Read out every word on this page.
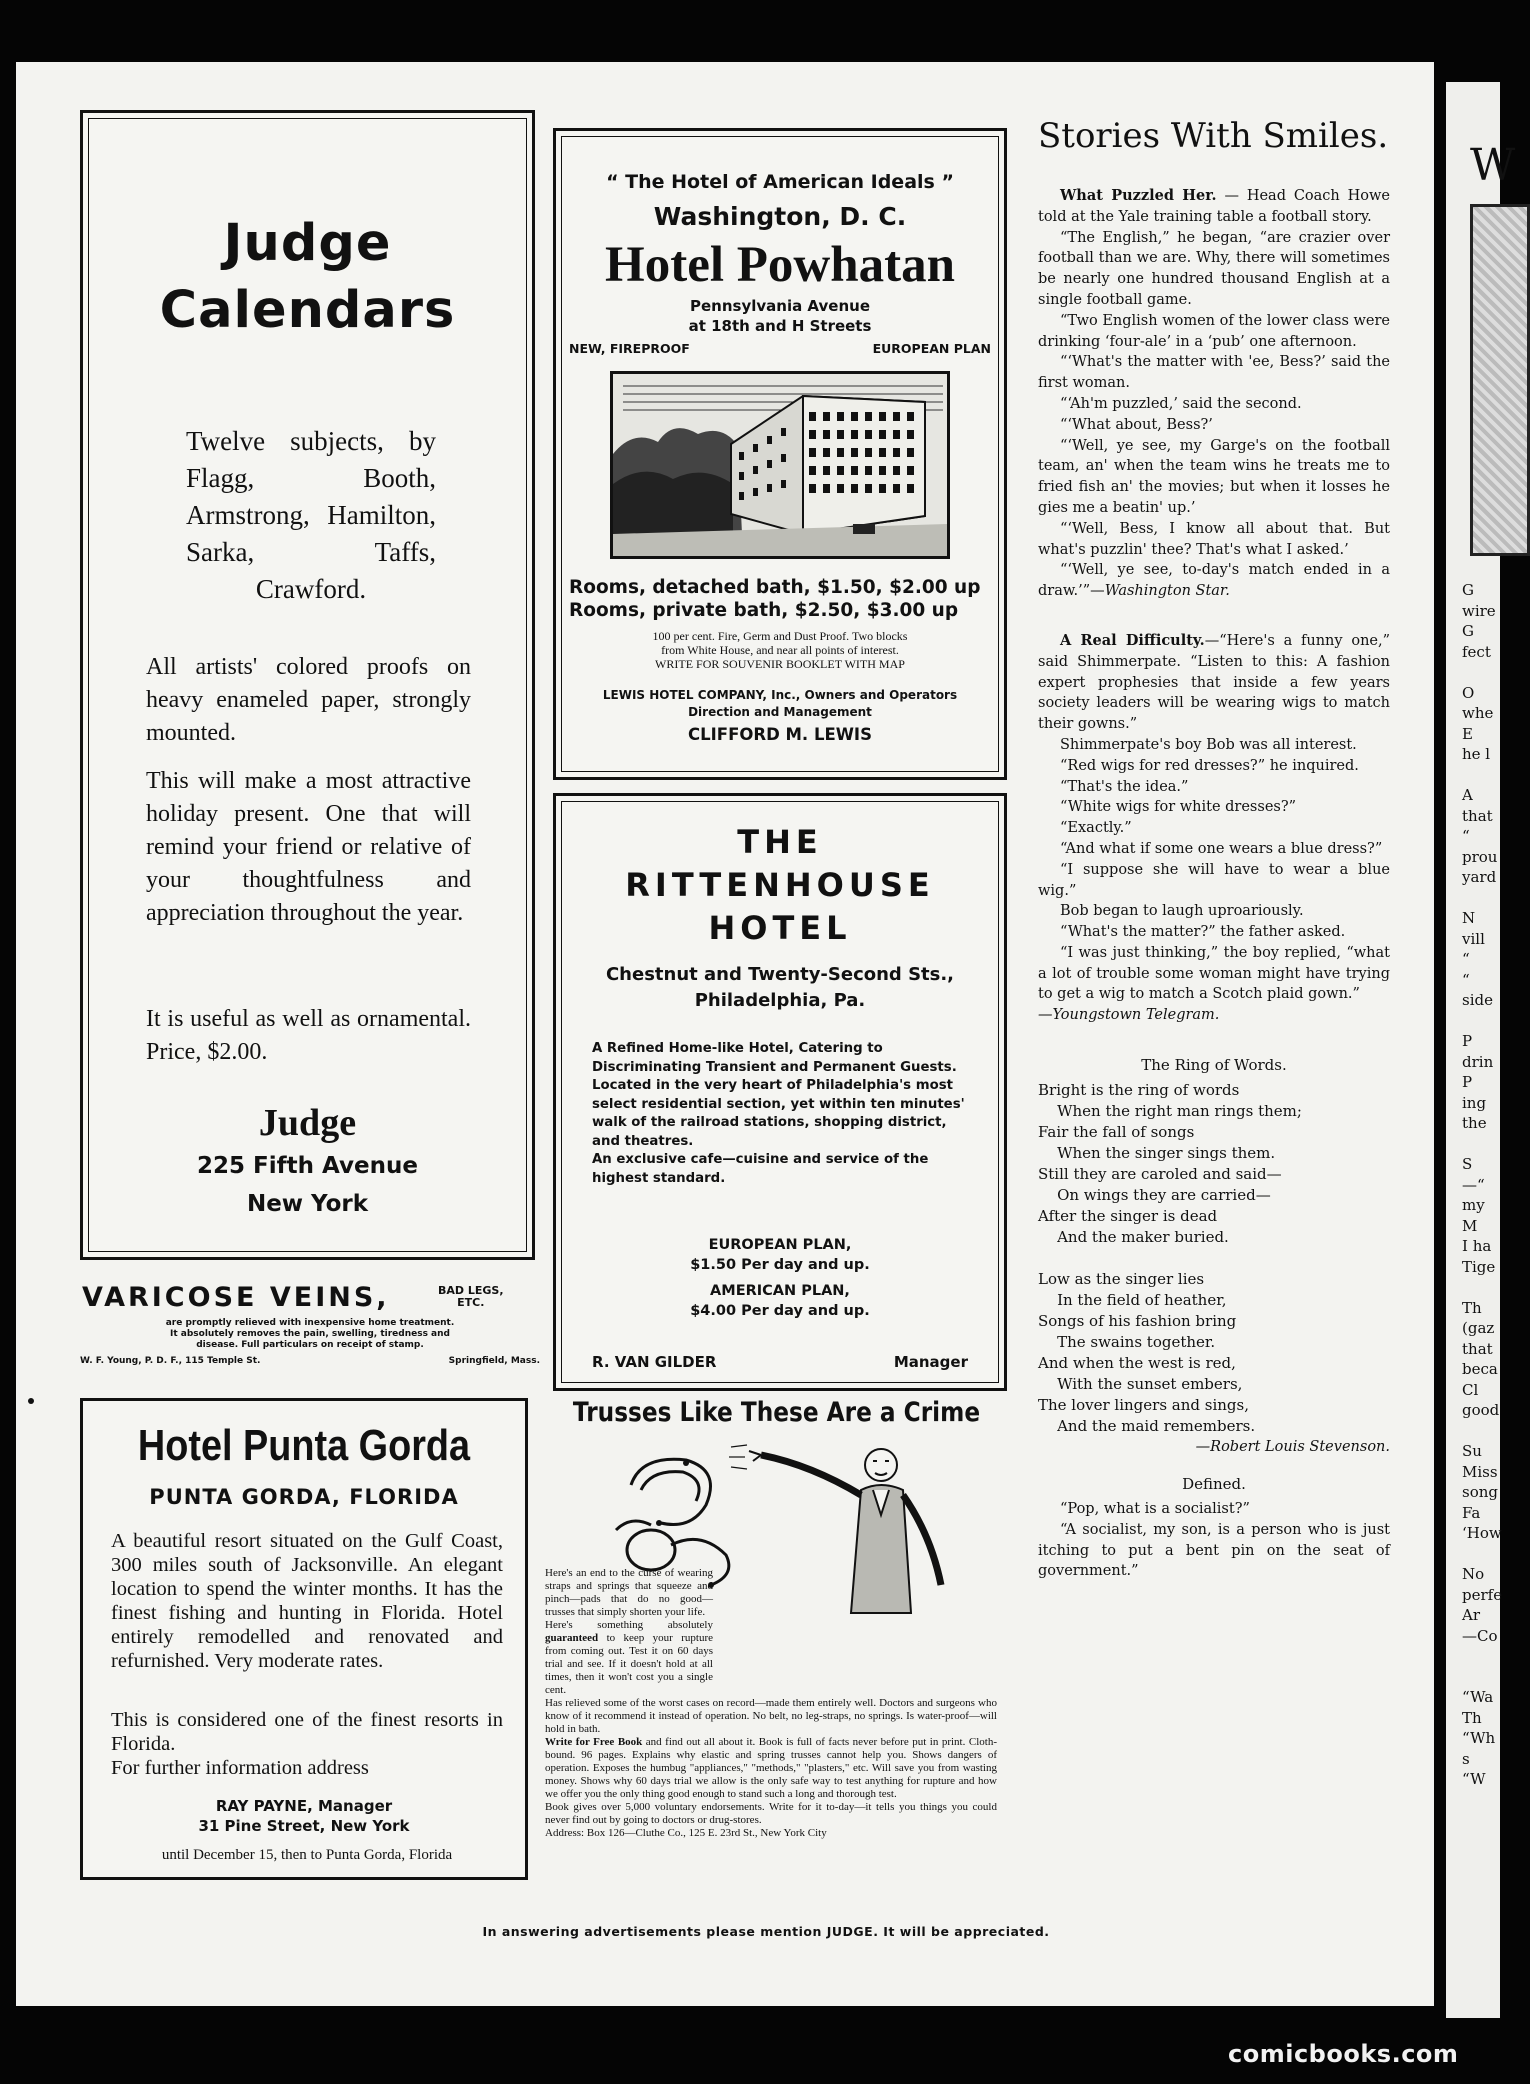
W
G
wire
G
fect

O
whe
E
he l

A
that
“
prou
yard

N
vill
“
“
side

P
drin
P
ing
the

S
—“
my
M
I ha
Tige

Th
(gaz
that
beca
Cl
good

Su
Miss
song
Fa
‘How

No
perfe
Ar
—Co

“Wa
Th
“Wh
s
“W
Judge
Calendars
Twelve subjects, by Flagg, Booth, Armstrong, Hamilton, Sarka, Taffs, Crawford.
All artists' colored proofs on heavy enameled paper, strongly mounted.
This will make a most attractive holiday present. One that will remind your friend or relative of your thoughtfulness and appreciation throughout the year.
It is useful as well as ornamental. Price, $2.00.
Judge
225 Fifth Avenue
New York
VARICOSE VEINS,	BAD LEGS,
ETC.
are promptly relieved with inexpensive home treatment.
It absolutely removes the pain, swelling, tiredness and
disease. Full particulars on receipt of stamp.
W. F. Young, P. D. F., 115 Temple St.	Springfield, Mass.
Hotel Punta Gorda
PUNTA GORDA, FLORIDA
A beautiful resort situated on the Gulf Coast, 300 miles south of Jacksonville. An elegant location to spend the winter months. It has the finest fishing and hunting in Florida. Hotel entirely remodelled and renovated and refurnished. Very moderate rates.
This is considered one of the finest resorts in Florida.
For further information address
RAY PAYNE, Manager
31 Pine Street, New York
until December 15, then to Punta Gorda, Florida
“ The Hotel of American Ideals ”
Washington, D. C.
Hotel Powhatan
Pennsylvania Avenue
at 18th and H Streets
NEW, FIREPROOF	EUROPEAN PLAN
Rooms, detached bath, $1.50, $2.00 up
Rooms, private bath, $2.50, $3.00 up
100 per cent. Fire, Germ and Dust Proof. Two blocks
from White House, and near all points of interest.
WRITE FOR SOUVENIR BOOKLET WITH MAP
LEWIS HOTEL COMPANY, Inc., Owners and Operators
Direction and Management
CLIFFORD M. LEWIS
THE
RITTENHOUSE
HOTEL
Chestnut and Twenty-Second Sts.,
Philadelphia, Pa.
A Refined Home-like Hotel, Catering to Discriminating Transient and Permanent Guests.
Located in the very heart of Philadelphia's most select residential section, yet within ten minutes' walk of the railroad stations, shopping district, and theatres.
An exclusive cafe—cuisine and service of the highest standard.
EUROPEAN PLAN,
$1.50 Per day and up.
AMERICAN PLAN,
$4.00 Per day and up.
R. VAN GILDER	Manager
Trusses Like These Are a Crime
Here's an end to the curse of wearing straps and springs that squeeze and pinch—pads that do no good—trusses that simply shorten your life.
Here's something absolutely guaranteed to keep your rupture from coming out. Test it on 60 days trial and see. If it doesn't hold at all times, then it won't cost you a single cent.
Has relieved some of the worst cases on record—made them entirely well. Doctors and surgeons who know of it recommend it instead of operation. No belt, no leg-straps, no springs. Is water-proof—will hold in bath.
Write for Free Book and find out all about it. Book is full of facts never before put in print. Cloth-bound. 96 pages. Explains why elastic and spring trusses cannot help you. Shows dangers of operation. Exposes the humbug "appliances," "methods," "plasters," etc. Will save you from wasting money. Shows why 60 days trial we allow is the only safe way to test anything for rupture and how we offer you the only thing good enough to stand such a long and thorough test.
Book gives over 5,000 voluntary endorsements. Write for it to-day—it tells you things you could never find out by going to doctors or drug-stores.
Address: Box 126—Cluthe Co., 125 E. 23rd St., New York City
Stories With Smiles.

What Puzzled Her. — Head Coach Howe told at the Yale training table a football story.

“The English,” he began, “are crazier over football than we are. Why, there will sometimes be nearly one hundred thousand English at a single football game.

“Two English women of the lower class were drinking ‘four-ale’ in a ‘pub’ one afternoon.

“‘What's the matter with 'ee, Bess?’ said the first woman.

“‘Ah'm puzzled,’ said the second.

“‘What about, Bess?’

“‘Well, ye see, my Garge's on the football team, an' when the team wins he treats me to fried fish an' the movies; but when it losses he gies me a beatin' up.’

“‘Well, Bess, I know all about that. But what's puzzlin' thee? That's what I asked.’

“‘Well, ye see, to-day's match ended in a draw.’”—Washington Star.

A Real Difficulty.—“Here's a funny one,” said Shimmerpate. “Listen to this: A fashion expert prophesies that inside a few years society leaders will be wearing wigs to match their gowns.”

Shimmerpate's boy Bob was all interest.

“Red wigs for red dresses?” he inquired.

“That's the idea.”

“White wigs for white dresses?”

“Exactly.”

“And what if some one wears a blue dress?”

“I suppose she will have to wear a blue wig.”

Bob began to laugh uproariously.

“What's the matter?” the father asked.

“I was just thinking,” the boy replied, “what a lot of trouble some woman might have trying to get a wig to match a Scotch plaid gown.”

—Youngstown Telegram.

The Ring of Words.
Bright is the ring of words
When the right man rings them;
Fair the fall of songs
When the singer sings them.
Still they are caroled and said—
On wings they are carried—
After the singer is dead
And the maker buried.
Low as the singer lies
In the field of heather,
Songs of his fashion bring
The swains together.
And when the west is red,
With the sunset embers,
The lover lingers and sings,
And the maid remembers.
—Robert Louis Stevenson.
Defined.

“Pop, what is a socialist?”

“A socialist, my son, is a person who is just itching to put a bent pin on the seat of government.”

In answering advertisements please mention JUDGE. It will be appreciated.
comicbooks.com
